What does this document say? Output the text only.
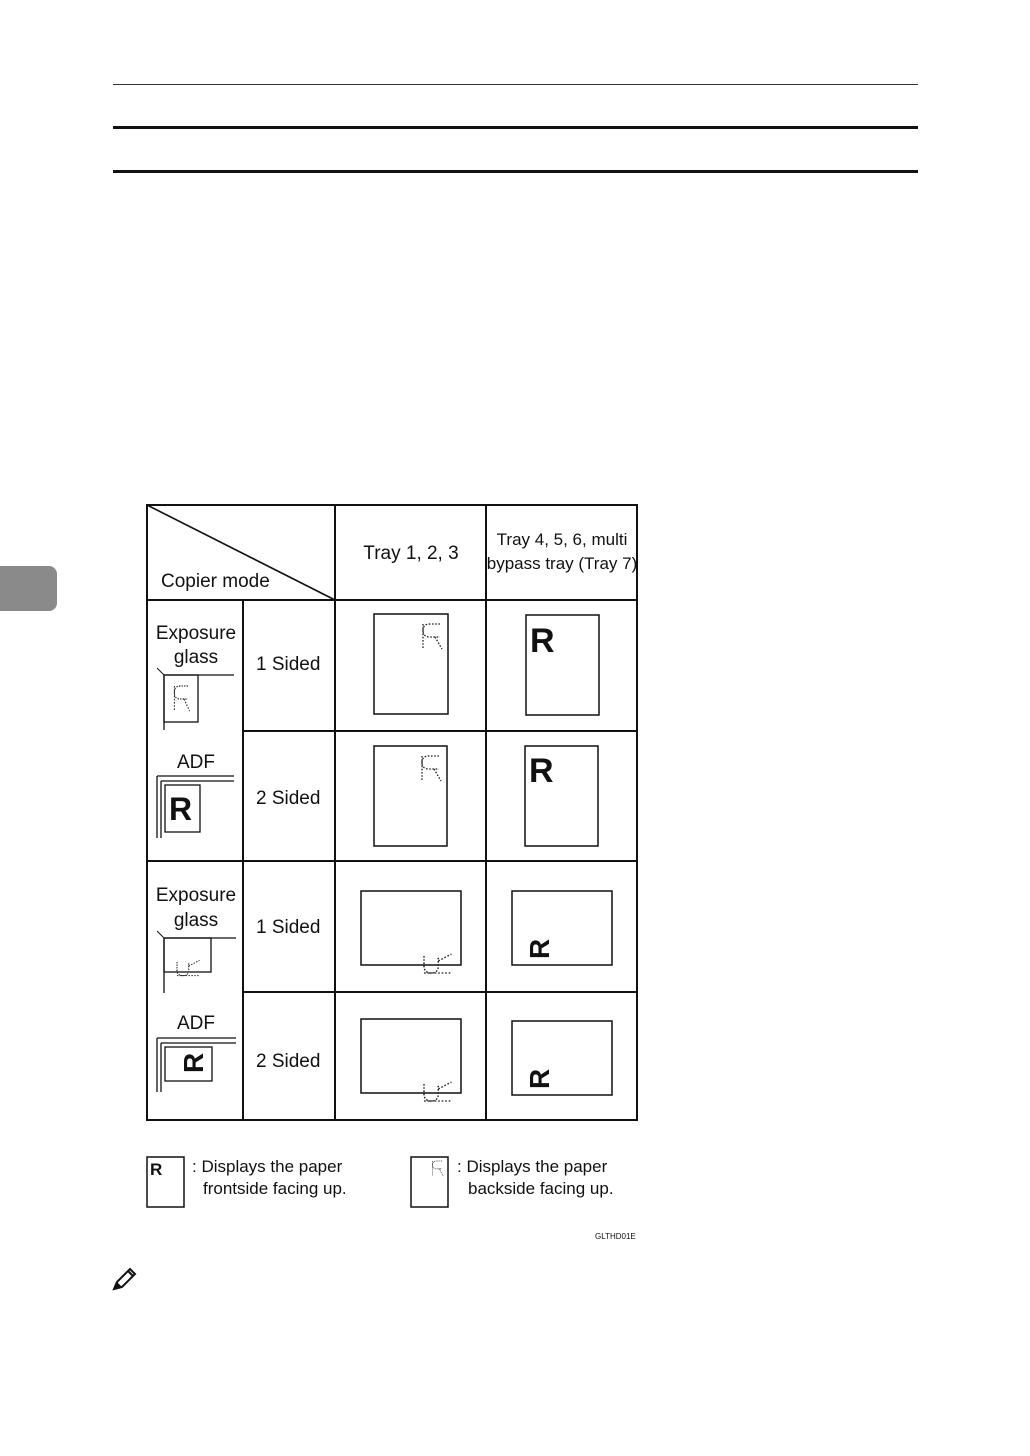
Copier mode
Tray 1, 2, 3
Tray 4, 5, 6, multi
bypass tray (Tray 7)
Exposure
glass
ADF
R
1 Sided
2 Sided
R
R
Exposure
glass
ADF
R
1 Sided
2 Sided
R
R
R : Displays the paper
frontside facing up.
: Displays the paper
backside facing up.
GLTHD01E
